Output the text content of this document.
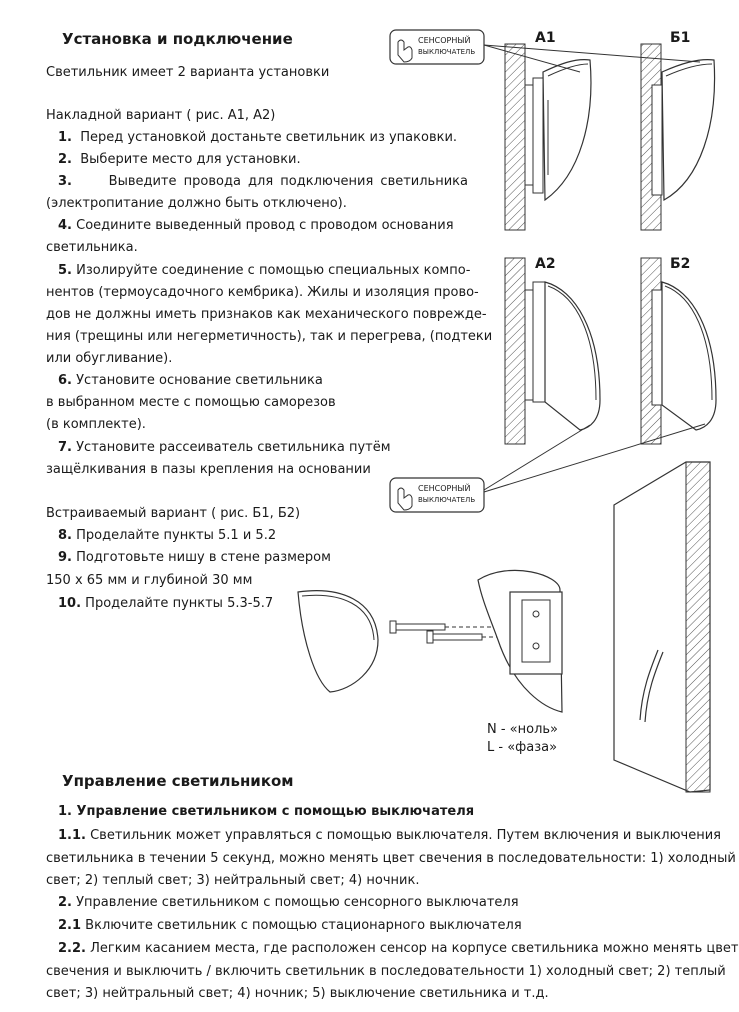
А1	Б1
А2	Б2
СЕНСОРНЫЙ
ВЫКЛЮЧАТЕЛЬ
СЕНСОРНЫЙ
ВЫКЛЮЧАТЕЛЬ
N - «ноль»
L - «фаза»
Установка и подключение
Светильник имеет 2 варианта установки
Накладной вариант ( рис. А1, А2)
1. Перед установкой достаньте светильник из упаковки.
2. Выберите место для установки.
3.	Выведите провода для подключения светильника
(электропитание должно быть отключено).
4. Соедините выведенный провод с проводом основания
светильника.
5. Изолируйте соединение с помощью специальных компо-
нентов (термоусадочного кембрика). Жилы и изоляция прово-
дов не должны иметь признаков как механического поврежде-
ния (трещины или негерметичность), так и перегрева, (подтеки
или обугливание).
6. Установите основание светильника
в выбранном месте с помощью саморезов
(в комплекте).
7. Установите рассеиватель светильника путём
защёлкивания в пазы крепления на основании
Встраиваемый вариант ( рис. Б1, Б2)
8. Проделайте пункты 5.1 и 5.2
9. Подготовьте нишу в стене размером
150 х 65 мм и глубиной 30 мм
10. Проделайте пункты 5.3-5.7
Управление светильником
1. Управление светильником с помощью выключателя
1.1. Светильник может управляться с помощью выключателя. Путем включения и выключения
светильника в течении 5 секунд, можно менять цвет свечения в последовательности: 1) холодный
свет; 2) теплый свет; 3) нейтральный свет; 4) ночник.
2. Управление светильником с помощью сенсорного выключателя
2.1 Включите светильник с помощью стационарного выключателя
2.2. Легким касанием места, где расположен сенсор на корпусе светильника можно менять цвет
свечения и выключить / включить светильник в последовательности 1) холодный свет; 2) теплый
свет; 3) нейтральный свет; 4) ночник; 5) выключение светильника и т.д.
